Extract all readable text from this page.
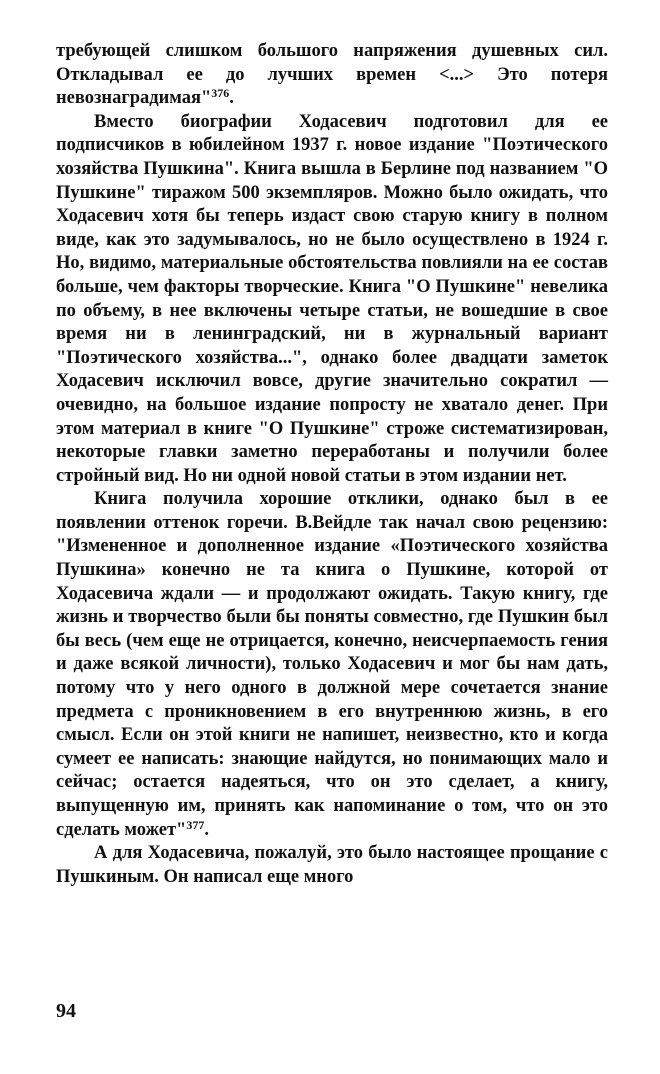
требующей слишком большого напряжения душевных сил. Откладывал ее до лучших времен <...> Это потеря невознаградимая"$^{376}$.

Вместо биографии Ходасевич подготовил для ее подписчиков в юбилейном 1937 г. новое издание "Поэтического хозяйства Пушкина". Книга вышла в Берлине под названием "О Пушкине" тиражом 500 экземпляров. Можно было ожидать, что Ходасевич хотя бы теперь издаст свою старую книгу в полном виде, как это задумывалось, но не было осуществлено в 1924 г. Но, видимо, материальные обстоятельства повлияли на ее состав больше, чем факторы творческие. Книга "О Пушкине" невелика по объему, в нее включены четыре статьи, не вошедшие в свое время ни в ленинградский, ни в журнальный вариант "Поэтического хозяйства...", однако более двадцати заметок Ходасевич исключил вовсе, другие значительно сократил — очевидно, на большое издание попросту не хватало денег. При этом материал в книге "О Пушкине" строже систематизирован, некоторые главки заметно переработаны и получили более стройный вид. Но ни одной новой статьи в этом издании нет.

Книга получила хорошие отклики, однако был в ее появлении оттенок горечи. В.Вейдле так начал свою рецензию: "Измененное и дополненное издание «Поэтического хозяйства Пушкина» конечно не та книга о Пушкине, которой от Ходасевича ждали — и продолжают ожидать. Такую книгу, где жизнь и творчество были бы поняты совместно, где Пушкин был бы весь (чем еще не отрицается, конечно, неисчерпаемость гения и даже всякой личности), только Ходасевич и мог бы нам дать, потому что у него одного в должной мере сочетается знание предмета с проникновением в его внутреннюю жизнь, в его смысл. Если он этой книги не напишет, неизвестно, кто и когда сумеет ее написать: знающие найдутся, но понимающих мало и сейчас; остается надеяться, что он это сделает, а книгу, выпущенную им, принять как напоминание о том, что он это сделать может"$^{377}$.

А для Ходасевича, пожалуй, это было настоящее прощание с Пушкиным. Он написал еще много

94
